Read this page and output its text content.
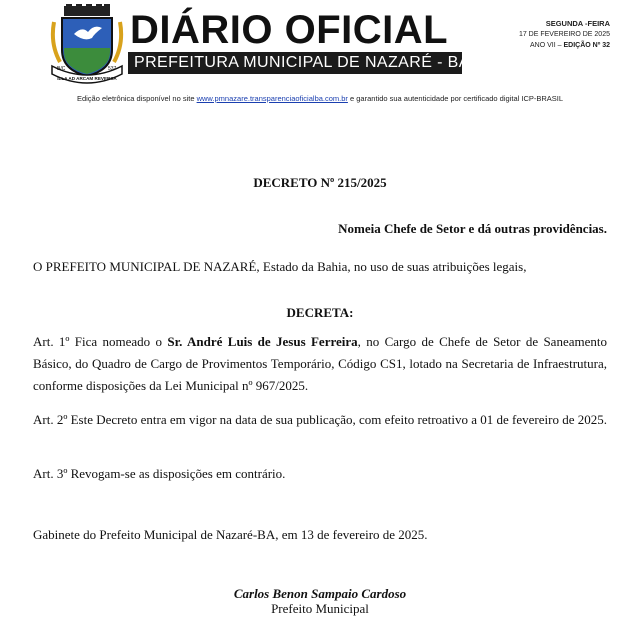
B/C	537
ILLA AD ARCAM REVERSA
DIÁRIO OFICIAL
PREFEITURA MUNICIPAL DE NAZARÉ - BA
SEGUNDA -FEIRA
17 DE FEVEREIRO DE 2025
ANO VII – EDIÇÃO Nº 32
Edição eletrônica disponível no site www.pmnazare.transparenciaoficialba.com.br e garantido sua autenticidade por certificado digital ICP-BRASIL
DECRETO Nº 215/2025
Nomeia Chefe de Setor e dá outras providências.
O PREFEITO MUNICIPAL DE NAZARÉ, Estado da Bahia, no uso de suas atribuições legais,
DECRETA:

Art. 1º Fica nomeado o Sr. André Luis de Jesus Ferreira, no Cargo de Chefe de Setor de Saneamento Básico, do Quadro de Cargo de Provimentos Temporário, Código CS1, lotado na Secretaria de Infraestrutura, conforme disposições da Lei Municipal nº 967/2025.

Art. 2º Este Decreto entra em vigor na data de sua publicação, com efeito retroativo a 01 de fevereiro de 2025.

Art. 3º Revogam-se as disposições em contrário.

Gabinete do Prefeito Municipal de Nazaré-BA, em 13 de fevereiro de 2025.
Carlos Benon Sampaio Cardoso
Prefeito Municipal
